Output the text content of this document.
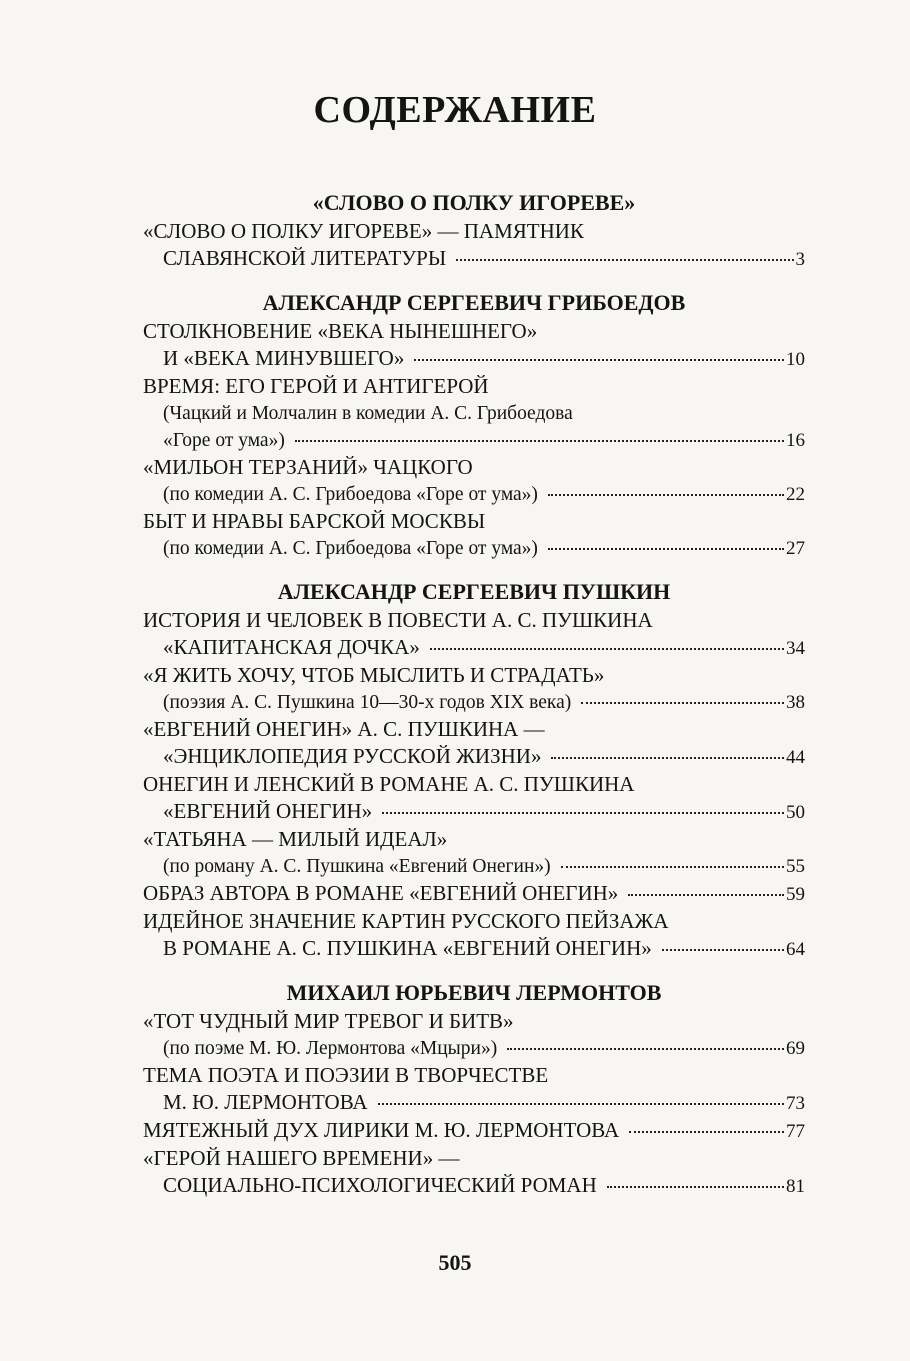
СОДЕРЖАНИЕ
«СЛОВО О ПОЛКУ ИГОРЕВЕ»
«СЛОВО О ПОЛКУ ИГОРЕВЕ» — ПАМЯТНИК
СЛАВЯНСКОЙ ЛИТЕРАТУРЫ	3
АЛЕКСАНДР СЕРГЕЕВИЧ ГРИБОЕДОВ
СТОЛКНОВЕНИЕ «ВЕКА НЫНЕШНЕГО»
И «ВЕКА МИНУВШЕГО»	10
ВРЕМЯ: ЕГО ГЕРОЙ И АНТИГЕРОЙ
(Чацкий и Молчалин в комедии А. С. Грибоедова
«Горе от ума»)	16
«МИЛЬОН ТЕРЗАНИЙ» ЧАЦКОГО
(по комедии А. С. Грибоедова «Горе от ума»)	22
БЫТ И НРАВЫ БАРСКОЙ МОСКВЫ
(по комедии А. С. Грибоедова «Горе от ума»)	27
АЛЕКСАНДР СЕРГЕЕВИЧ ПУШКИН
ИСТОРИЯ И ЧЕЛОВЕК В ПОВЕСТИ А. С. ПУШКИНА
«КАПИТАНСКАЯ ДОЧКА»	34
«Я ЖИТЬ ХОЧУ, ЧТОБ МЫСЛИТЬ И СТРАДАТЬ»
(поэзия А. С. Пушкина 10—30-х годов XIX века)	38
«ЕВГЕНИЙ ОНЕГИН» А. С. ПУШКИНА —
«ЭНЦИКЛОПЕДИЯ РУССКОЙ ЖИЗНИ»	44
ОНЕГИН И ЛЕНСКИЙ В РОМАНЕ А. С. ПУШКИНА
«ЕВГЕНИЙ ОНЕГИН»	50
«ТАТЬЯНА — МИЛЫЙ ИДЕАЛ»
(по роману А. С. Пушкина «Евгений Онегин»)	55
ОБРАЗ АВТОРА В РОМАНЕ «ЕВГЕНИЙ ОНЕГИН»	59
ИДЕЙНОЕ ЗНАЧЕНИЕ КАРТИН РУССКОГО ПЕЙЗАЖА
В РОМАНЕ А. С. ПУШКИНА «ЕВГЕНИЙ ОНЕГИН»	64
МИХАИЛ ЮРЬЕВИЧ ЛЕРМОНТОВ
«ТОТ ЧУДНЫЙ МИР ТРЕВОГ И БИТВ»
(по поэме М. Ю. Лермонтова «Мцыри»)	69
ТЕМА ПОЭТА И ПОЭЗИИ В ТВОРЧЕСТВЕ
М. Ю. ЛЕРМОНТОВА	73
МЯТЕЖНЫЙ ДУХ ЛИРИКИ М. Ю. ЛЕРМОНТОВА	77
«ГЕРОЙ НАШЕГО ВРЕМЕНИ» —
СОЦИАЛЬНО-ПСИХОЛОГИЧЕСКИЙ РОМАН	81
505
